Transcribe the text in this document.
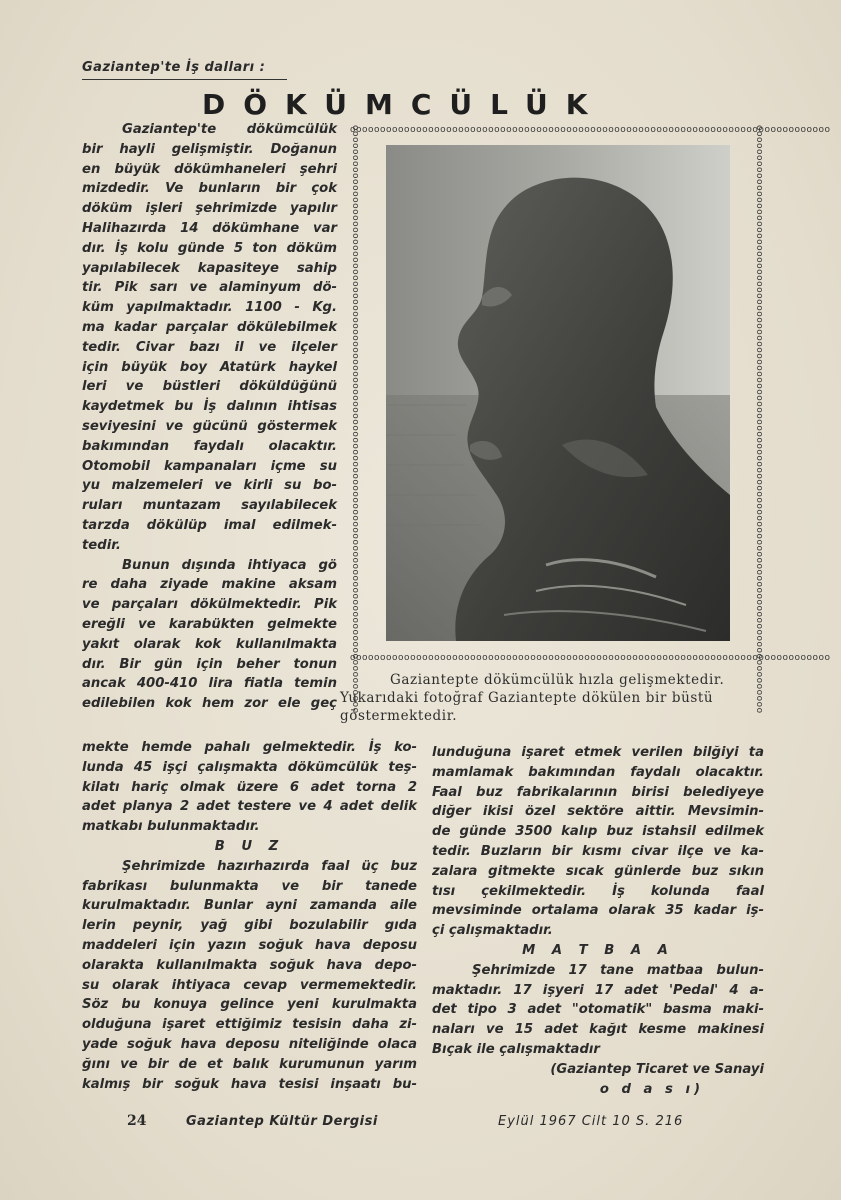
Gaziantep'te İş dalları :
DÖKÜMCÜLÜK

Gaziantep'te dökümcülük

bir hayli gelişmiştir. Doğanun

en büyük dökümhaneleri şehri

mizdedir. Ve bunların bir çok

döküm işleri şehrimizde yapılır

Halihazırda 14 dökümhane var

dır. İş kolu günde 5 ton döküm

yapılabilecek kapasiteye sahip

tir. Pik sarı ve alaminyum dö-

küm yapılmaktadır. 1100 - Kg.

ma kadar parçalar dökülebilmek

tedir. Civar bazı il ve ilçeler

için büyük boy Atatürk haykel

leri ve büstleri döküldüğünü

kaydetmek bu İş dalının ihtisas

seviyesini ve gücünü göstermek

bakımından faydalı olacaktır.

Otomobil kampanaları içme su

yu malzemeleri ve kirli su bo-

ruları muntazam sayılabilecek

tarzda dökülüp imal edilmek-

tedir.

Bunun dışında ihtiyaca gö

re daha ziyade makine aksam

ve parçaları dökülmektedir. Pik

ereğli ve karabükten gelmekte

yakıt olarak kok kullanılmakta

dır. Bir gün için beher tonun

ancak 400-410 lira fiatla temin

edilebilen kok hem zor ele geç

ᴏᴏᴏᴏᴏᴏᴏᴏᴏᴏᴏᴏᴏᴏᴏᴏᴏᴏᴏᴏᴏᴏᴏᴏᴏᴏᴏᴏᴏᴏᴏᴏᴏᴏᴏᴏᴏᴏᴏᴏᴏᴏᴏᴏᴏᴏᴏᴏᴏᴏᴏᴏᴏᴏᴏᴏᴏᴏᴏᴏᴏᴏᴏᴏᴏᴏᴏᴏᴏᴏᴏᴏᴏᴏᴏᴏᴏᴏᴏᴏ
ᴏᴏᴏᴏᴏᴏᴏᴏᴏᴏᴏᴏᴏᴏᴏᴏᴏᴏᴏᴏᴏᴏᴏᴏᴏᴏᴏᴏᴏᴏᴏᴏᴏᴏᴏᴏᴏᴏᴏᴏᴏᴏᴏᴏᴏᴏᴏᴏᴏᴏᴏᴏᴏᴏᴏᴏᴏᴏᴏᴏᴏᴏᴏᴏᴏᴏᴏᴏᴏᴏᴏᴏᴏᴏᴏᴏᴏᴏᴏᴏ
ᴏᴏᴏᴏᴏᴏᴏᴏᴏᴏᴏᴏᴏᴏᴏᴏᴏᴏᴏᴏᴏᴏᴏᴏᴏᴏᴏᴏᴏᴏᴏᴏᴏᴏᴏᴏᴏᴏᴏᴏᴏᴏᴏᴏᴏᴏᴏᴏᴏᴏᴏᴏᴏᴏᴏᴏᴏᴏᴏᴏᴏᴏᴏᴏᴏᴏᴏᴏᴏᴏᴏᴏᴏᴏᴏᴏᴏᴏᴏᴏᴏᴏᴏᴏᴏᴏᴏᴏᴏᴏᴏᴏᴏᴏᴏᴏᴏᴏ	ᴏᴏᴏᴏᴏᴏᴏᴏᴏᴏᴏᴏᴏᴏᴏᴏᴏᴏᴏᴏᴏᴏᴏᴏᴏᴏᴏᴏᴏᴏᴏᴏᴏᴏᴏᴏᴏᴏᴏᴏᴏᴏᴏᴏᴏᴏᴏᴏᴏᴏᴏᴏᴏᴏᴏᴏᴏᴏᴏᴏᴏᴏᴏᴏᴏᴏᴏᴏᴏᴏᴏᴏᴏᴏᴏᴏᴏᴏᴏᴏᴏᴏᴏᴏᴏᴏᴏᴏᴏᴏᴏᴏᴏᴏᴏᴏᴏᴏ

Gaziantepte dökümcülük hızla gelişmektedir.

Yukarıdaki fotoğraf Gaziantepte dökülen bir büstü

göstermektedir.

mekte hemde pahalı gelmektedir. İş ko-

lunda 45 işçi çalışmakta dökümcülük teş-

kilatı hariç olmak üzere 6 adet torna 2

adet planya 2 adet testere ve 4 adet delik

matkabı bulunmaktadır.

B U Z

Şehrimizde hazırhazırda faal üç buz

fabrikası bulunmakta ve bir tanede

kurulmaktadır. Bunlar ayni zamanda aile

lerin peynir, yağ gibi bozulabilir gıda

maddeleri için yazın soğuk hava deposu

olarakta kullanılmakta soğuk hava depo-

su olarak ihtiyaca cevap vermemektedir.

Söz bu konuya gelince yeni kurulmakta

olduğuna işaret ettiğimiz tesisin daha zi-

yade soğuk hava deposu niteliğinde olaca

ğını ve bir de et balık kurumunun yarım

kalmış bir soğuk hava tesisi inşaatı bu-

lunduğuna işaret etmek verilen bilğiyi ta

mamlamak bakımından faydalı olacaktır.

Faal buz fabrikalarının birisi belediyeye

diğer ikisi özel sektöre aittir. Mevsimin-

de günde 3500 kalıp buz istahsil edilmek

tedir. Buzların bir kısmı civar ilçe ve ka-

zalara gitmekte sıcak günlerde buz sıkın

tısı çekilmektedir. İş kolunda faal

mevsiminde ortalama olarak 35 kadar iş-

çi çalışmaktadır.

M A T B A A

Şehrimizde 17 tane matbaa bulun-

maktadır. 17 işyeri 17 adet 'Pedal' 4 a-

det tipo 3 adet "otomatik" basma maki-

naları ve 15 adet kağıt kesme makinesi

Bıçak ile çalışmaktadır

(Gaziantep Ticaret ve Sanayi

o d a s ı)

24	Gaziantep Kültür Dergisi	Eylül 1967 Cilt 10 S. 216
